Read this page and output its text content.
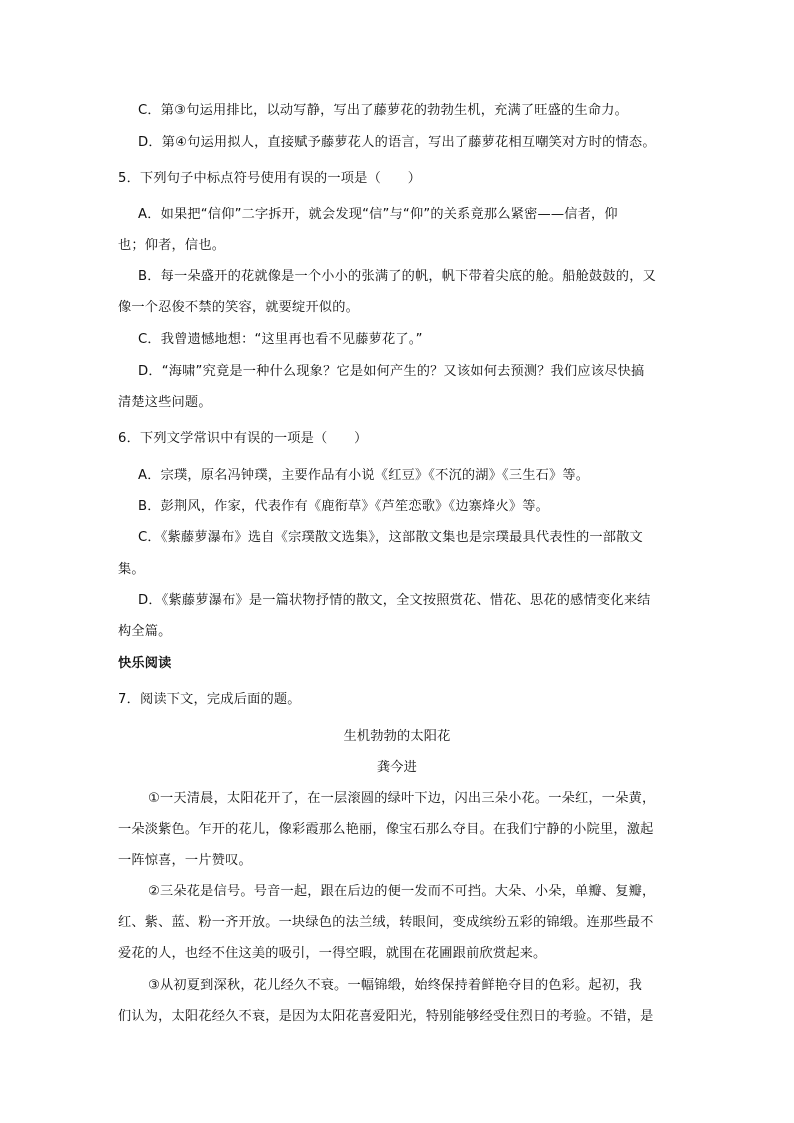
C．第③句运用排比，以动写静，写出了藤萝花的勃勃生机，充满了旺盛的生命力。
D．第④句运用拟人，直接赋予藤萝花人的语言，写出了藤萝花相互嘲笑对方时的情态。
5．下列句子中标点符号使用有误的一项是（　　）
A．如果把“信仰”二字拆开，就会发现“信”与“仰”的关系竟那么紧密——信者，仰
也；仰者，信也。
B．每一朵盛开的花就像是一个小小的张满了的帆，帆下带着尖底的舱。船舱鼓鼓的，又
像一个忍俊不禁的笑容，就要绽开似的。
C．我曾遗憾地想：“这里再也看不见藤萝花了。”
D．“海啸”究竟是一种什么现象？它是如何产生的？又该如何去预测？我们应该尽快搞
清楚这些问题。
6．下列文学常识中有误的一项是（　　）
A．宗璞，原名冯钟璞，主要作品有小说《红豆》《不沉的湖》《三生石》等。
B．彭荆风，作家，代表作有《鹿衔草》《芦笙恋歌》《边寨烽火》等。
C．《紫藤萝瀑布》选自《宗璞散文选集》，这部散文集也是宗璞最具代表性的一部散文
集。
D．《紫藤萝瀑布》是一篇状物抒情的散文，全文按照赏花、惜花、思花的感情变化来结
构全篇。
快乐阅读
7．阅读下文，完成后面的题。
生机勃勃的太阳花
龚今进
①一天清晨，太阳花开了，在一层滚圆的绿叶下边，闪出三朵小花。一朵红，一朵黄，
一朵淡紫色。乍开的花儿，像彩霞那么艳丽，像宝石那么夺目。在我们宁静的小院里，激起
一阵惊喜，一片赞叹。
②三朵花是信号。号音一起，跟在后边的便一发而不可挡。大朵、小朵，单瓣、复瓣，
红、紫、蓝、粉一齐开放。一块绿色的法兰绒，转眼间，变成缤纷五彩的锦缎。连那些最不
爱花的人，也经不住这美的吸引，一得空暇，就围在花圃跟前欣赏起来。
③从初夏到深秋，花儿经久不衰。一幅锦缎，始终保持着鲜艳夺目的色彩。起初，我
们认为，太阳花经久不衰，是因为太阳花喜爱阳光，特别能够经受住烈日的考验。不错，是
